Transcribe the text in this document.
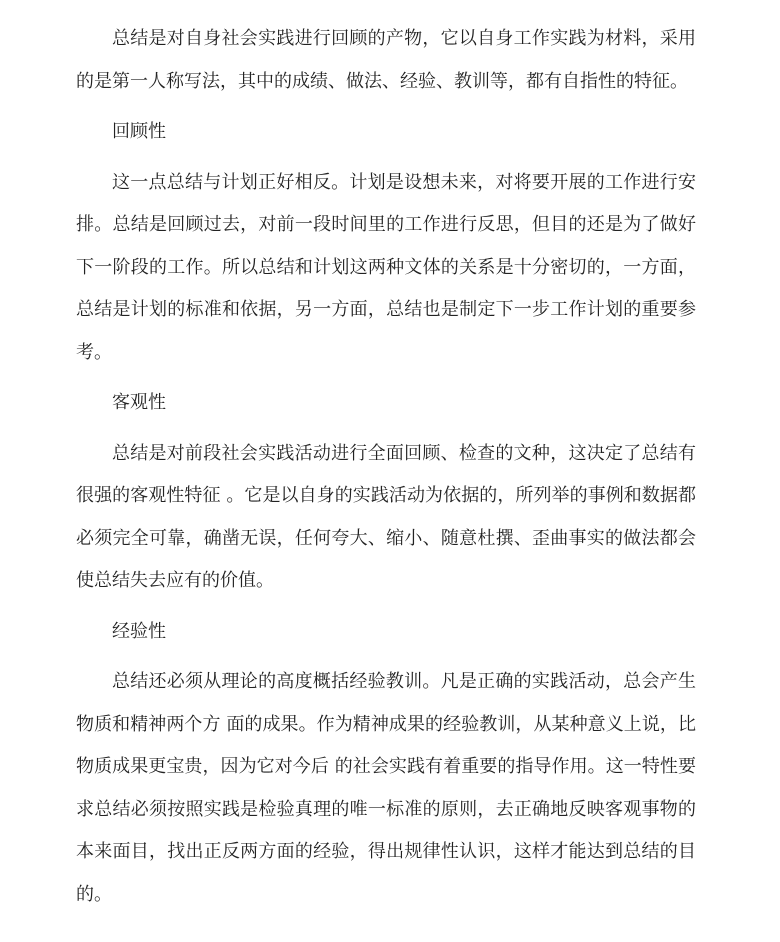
总结是对自身社会实践进行回顾的产物，它以自身工作实践为材料，采用的是第一人称写法，其中的成绩、做法、经验、教训等，都有自指性的特征。

回顾性

这一点总结与计划正好相反。计划是设想未来，对将要开展的工作进行安排。总结是回顾过去，对前一段时间里的工作进行反思，但目的还是为了做好下一阶段的工作。所以总结和计划这两种文体的关系是十分密切的，一方面，总结是计划的标准和依据，另一方面，总结也是制定下一步工作计划的重要参考。

客观性

总结是对前段社会实践活动进行全面回顾、检查的文种，这决定了总结有很强的客观性特征 。它是以自身的实践活动为依据的，所列举的事例和数据都必须完全可靠，确凿无误，任何夸大、缩小、随意杜撰、歪曲事实的做法都会使总结失去应有的价值。

经验性

总结还必须从理论的高度概括经验教训。凡是正确的实践活动，总会产生物质和精神两个方 面的成果。作为精神成果的经验教训，从某种意义上说，比物质成果更宝贵，因为它对今后 的社会实践有着重要的指导作用。这一特性要求总结必须按照实践是检验真理的唯一标准的原则，去正确地反映客观事物的本来面目，找出正反两方面的经验，得出规律性认识，这样才能达到总结的目的。
